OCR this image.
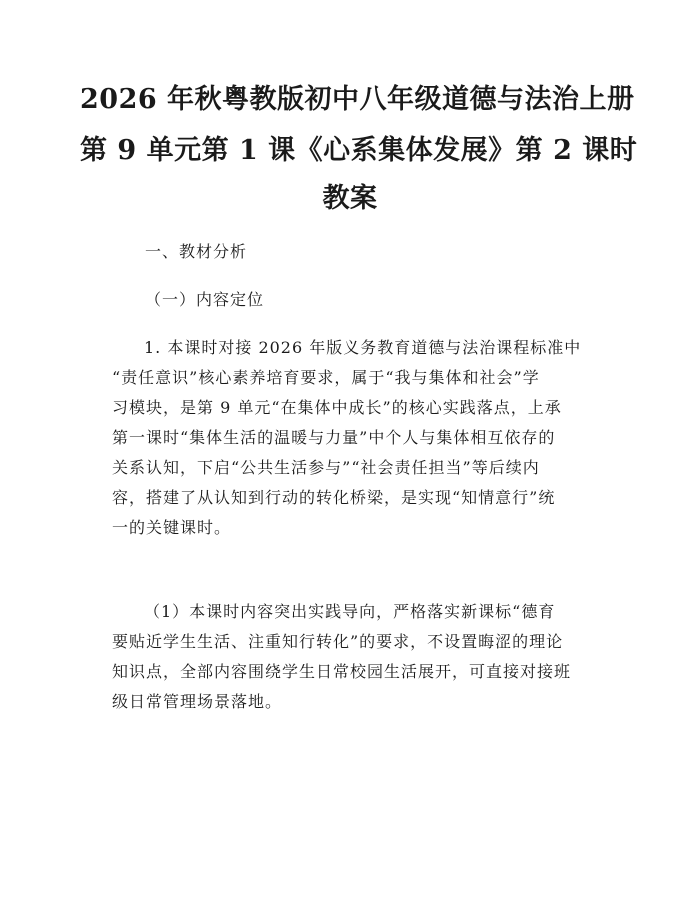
2026 年秋粤教版初中八年级道德与法治上册
第 9 单元第 1 课《心系集体发展》第 2 课时
教案
一、教材分析
（一）内容定位
1. 本课时对接 2026 年版义务教育道德与法治课程标准中
“责任意识”核心素养培育要求，属于“我与集体和社会”学
习模块，是第 9 单元“在集体中成长”的核心实践落点，上承
第一课时“集体生活的温暖与力量”中个人与集体相互依存的
关系认知，下启“公共生活参与”“社会责任担当”等后续内
容，搭建了从认知到行动的转化桥梁，是实现“知情意行”统
一的关键课时。
（1）本课时内容突出实践导向，严格落实新课标“德育
要贴近学生生活、注重知行转化”的要求，不设置晦涩的理论
知识点，全部内容围绕学生日常校园生活展开，可直接对接班
级日常管理场景落地。
